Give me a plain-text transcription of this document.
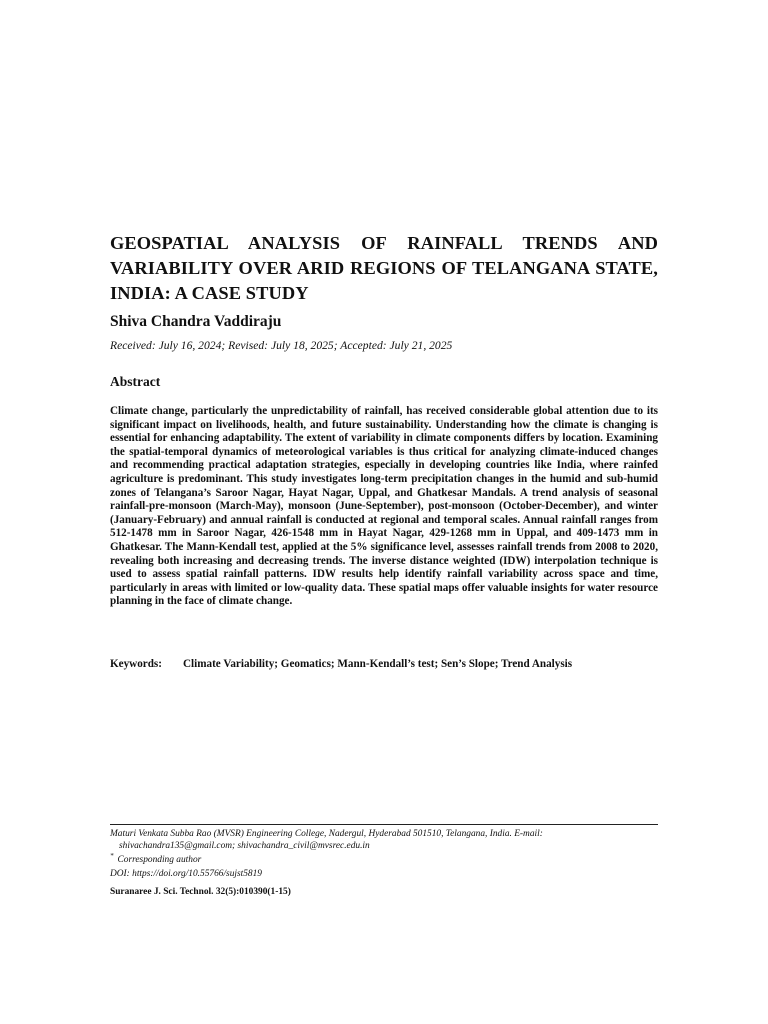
GEOSPATIAL ANALYSIS OF RAINFALL TRENDS AND VARIABILITY OVER ARID REGIONS OF TELANGANA STATE, INDIA: A CASE STUDY

Shiva Chandra Vaddiraju

Received: July 16, 2024; Revised: July 18, 2025; Accepted: July 21, 2025

Abstract

Climate change, particularly the unpredictability of rainfall, has received considerable global attention due to its significant impact on livelihoods, health, and future sustainability. Understanding how the climate is changing is essential for enhancing adaptability. The extent of variability in climate components differs by location. Examining the spatial-temporal dynamics of meteorological variables is thus critical for analyzing climate-induced changes and recommending practical adaptation strategies, especially in developing countries like India, where rainfed agriculture is predominant. This study investigates long-term precipitation changes in the humid and sub-humid zones of Telangana’s Saroor Nagar, Hayat Nagar, Uppal, and Ghatkesar Mandals. A trend analysis of seasonal rainfall-pre-monsoon (March-May), monsoon (June-September), post-monsoon (October-December), and winter (January-February) and annual rainfall is conducted at regional and temporal scales. Annual rainfall ranges from 512-1478 mm in Saroor Nagar, 426-1548 mm in Hayat Nagar, 429-1268 mm in Uppal, and 409-1473 mm in Ghatkesar. The Mann-Kendall test, applied at the 5% significance level, assesses rainfall trends from 2008 to 2020, revealing both increasing and decreasing trends. The inverse distance weighted (IDW) interpolation technique is used to assess spatial rainfall patterns. IDW results help identify rainfall variability across space and time, particularly in areas with limited or low-quality data. These spatial maps offer valuable insights for water resource planning in the face of climate change.

Keywords: Climate Variability; Geomatics; Mann-Kendall’s test; Sen’s Slope; Trend Analysis

Maturi Venkata Subba Rao (MVSR) Engineering College, Nadergul, Hyderabad 501510, Telangana, India. E-mail:
shivachandra135@gmail.com; shivachandra_civil@mvsrec.edu.in

* Corresponding author

DOI: https://doi.org/10.55766/sujst5819

Suranaree J. Sci. Technol. 32(5):010390(1-15)
